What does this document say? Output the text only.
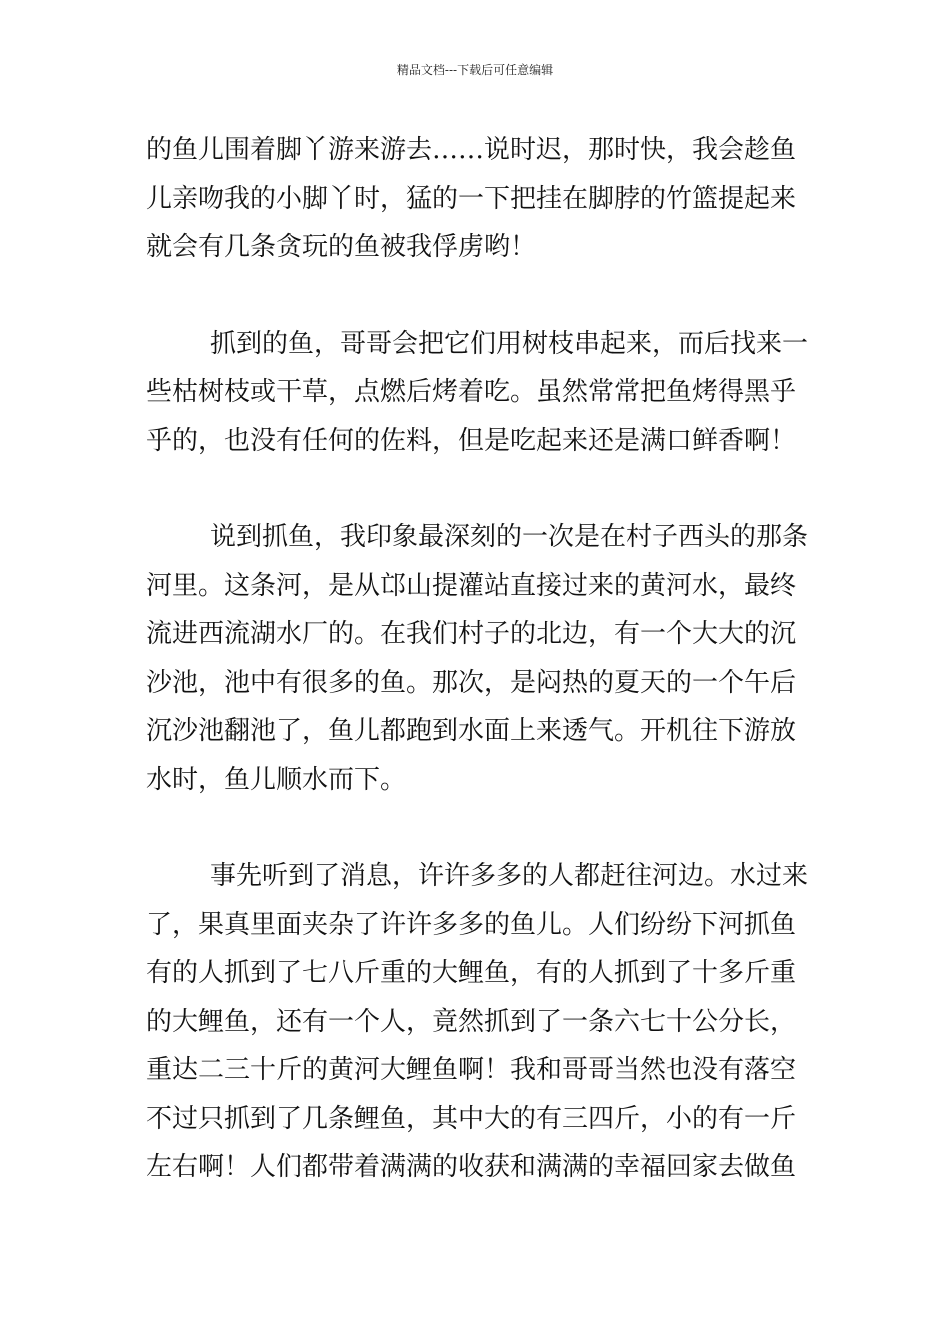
精品文档---下载后可任意编辑
的鱼儿围着脚丫游来游去……说时迟，那时快，我会趁鱼
儿亲吻我的小脚丫时，猛的一下把挂在脚脖的竹篮提起来
就会有几条贪玩的鱼被我俘虏哟！
抓到的鱼，哥哥会把它们用树枝串起来，而后找来一
些枯树枝或干草，点燃后烤着吃。虽然常常把鱼烤得黑乎
乎的，也没有任何的佐料，但是吃起来还是满口鲜香啊！
说到抓鱼，我印象最深刻的一次是在村子西头的那条
河里。这条河，是从邙山提灌站直接过来的黄河水，最终
流进西流湖水厂的。在我们村子的北边，有一个大大的沉
沙池，池中有很多的鱼。那次，是闷热的夏天的一个午后
沉沙池翻池了，鱼儿都跑到水面上来透气。开机往下游放
水时，鱼儿顺水而下。
事先听到了消息，许许多多的人都赶往河边。水过来
了，果真里面夹杂了许许多多的鱼儿。人们纷纷下河抓鱼
有的人抓到了七八斤重的大鲤鱼，有的人抓到了十多斤重
的大鲤鱼，还有一个人，竟然抓到了一条六七十公分长，
重达二三十斤的黄河大鲤鱼啊！我和哥哥当然也没有落空
不过只抓到了几条鲤鱼，其中大的有三四斤，小的有一斤
左右啊！人们都带着满满的收获和满满的幸福回家去做鱼
